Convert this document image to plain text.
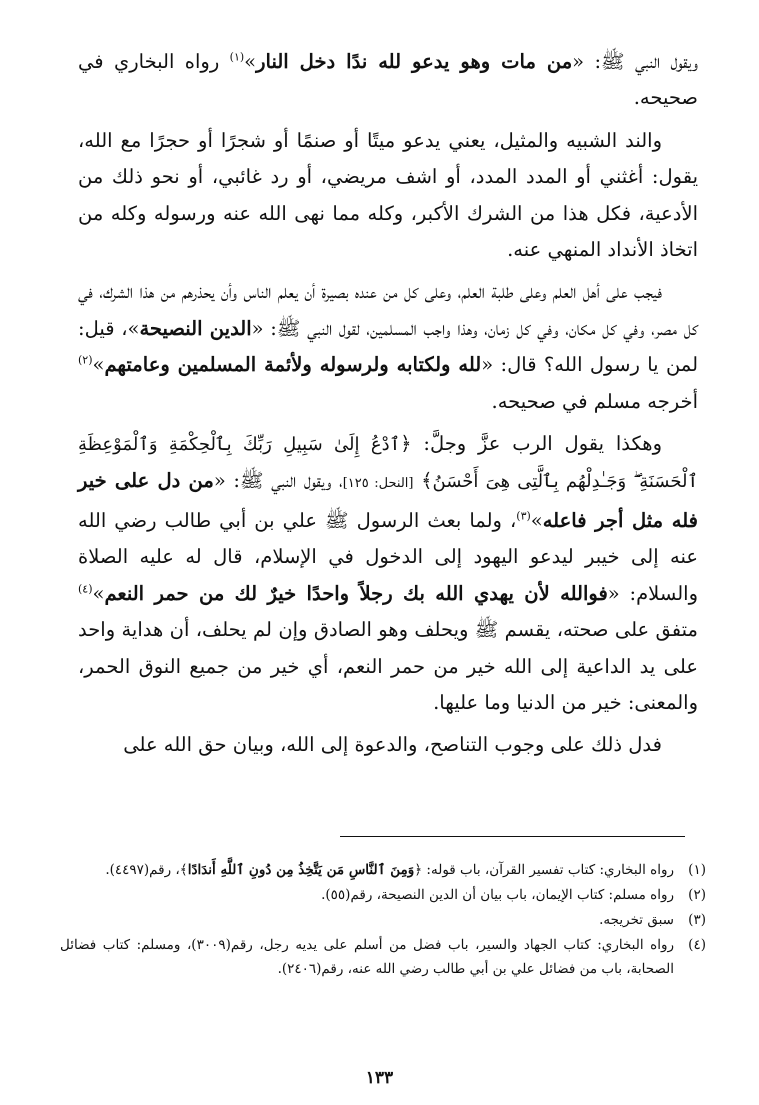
ويقول النبي ﷺ: «من مات وهو يدعو لله ندًا دخل النار»$^{(١)}$ رواه البخاري في صحيحه.

والند الشبيه والمثيل، يعني يدعو ميتًا أو صنمًا أو شجرًا أو حجرًا مع الله، يقول: أغثني أو المدد المدد، أو اشف مريضي، أو رد غائبي، أو نحو ذلك من الأدعية، فكل هذا من الشرك الأكبر، وكله مما نهى الله عنه ورسوله وكله من اتخاذ الأنداد المنهي عنه.

فيجب على أهل العلم وعلى طلبة العلم، وعلى كل من عنده بصيرة أن يعلم الناس وأن يحذرهم من هذا الشرك، في كل مصر، وفي كل مكان، وفي كل زمان، وهذا واجب المسلمين، لقول النبي ﷺ: «الدين النصيحة»، قيل: لمن يا رسول الله؟ قال: «لله ولكتابه ولرسوله ولأئمة المسلمين وعامتهم»$^{(٢)}$ أخرجه مسلم في صحيحه.

وهكذا يقول الرب عزَّ وجلَّ: ﴿ٱدْعُ إِلَىٰ سَبِيلِ رَبِّكَ بِٱلْحِكْمَةِ وَٱلْمَوْعِظَةِ ٱلْحَسَنَةِ ۖ وَجَـٰدِلْهُم بِٱلَّتِى هِىَ أَحْسَنُ﴾ [النحل: ١٢٥]، ويقول النبي ﷺ: «من دل على خير فله مثل أجر فاعله»$^{(٣)}$، ولما بعث الرسول ﷺ علي بن أبي طالب رضي الله عنه إلى خيبر ليدعو اليهود إلى الدخول في الإسلام، قال له عليه الصلاة والسلام: «فوالله لأن يهدي الله بك رجلاً واحدًا خيرٌ لك من حمر النعم»$^{(٤)}$ متفق على صحته، يقسم ﷺ ويحلف وهو الصادق وإن لم يحلف، أن هداية واحد على يد الداعية إلى الله خير من حمر النعم، أي خير من جميع النوق الحمر، والمعنى: خير من الدنيا وما عليها.

فدل ذلك على وجوب التناصح، والدعوة إلى الله، وبيان حق الله على

(١)
رواه البخاري: كتاب تفسير القرآن، باب قوله: ﴿وَمِنَ ٱلنَّاسِ مَن يَتَّخِذُ مِن دُونِ ٱللَّهِ أَندَادًا﴾، رقم(٤٤٩٧).
(٢)
رواه مسلم: كتاب الإيمان، باب بيان أن الدين النصيحة، رقم(٥٥).
(٣)
سبق تخريجه.
(٤)
رواه البخاري: كتاب الجهاد والسير، باب فضل من أسلم على يديه رجل، رقم(٣٠٠٩)، ومسلم: كتاب فضائل الصحابة، باب من فضائل علي بن أبي طالب رضي الله عنه، رقم(٢٤٠٦).
١٣٣
